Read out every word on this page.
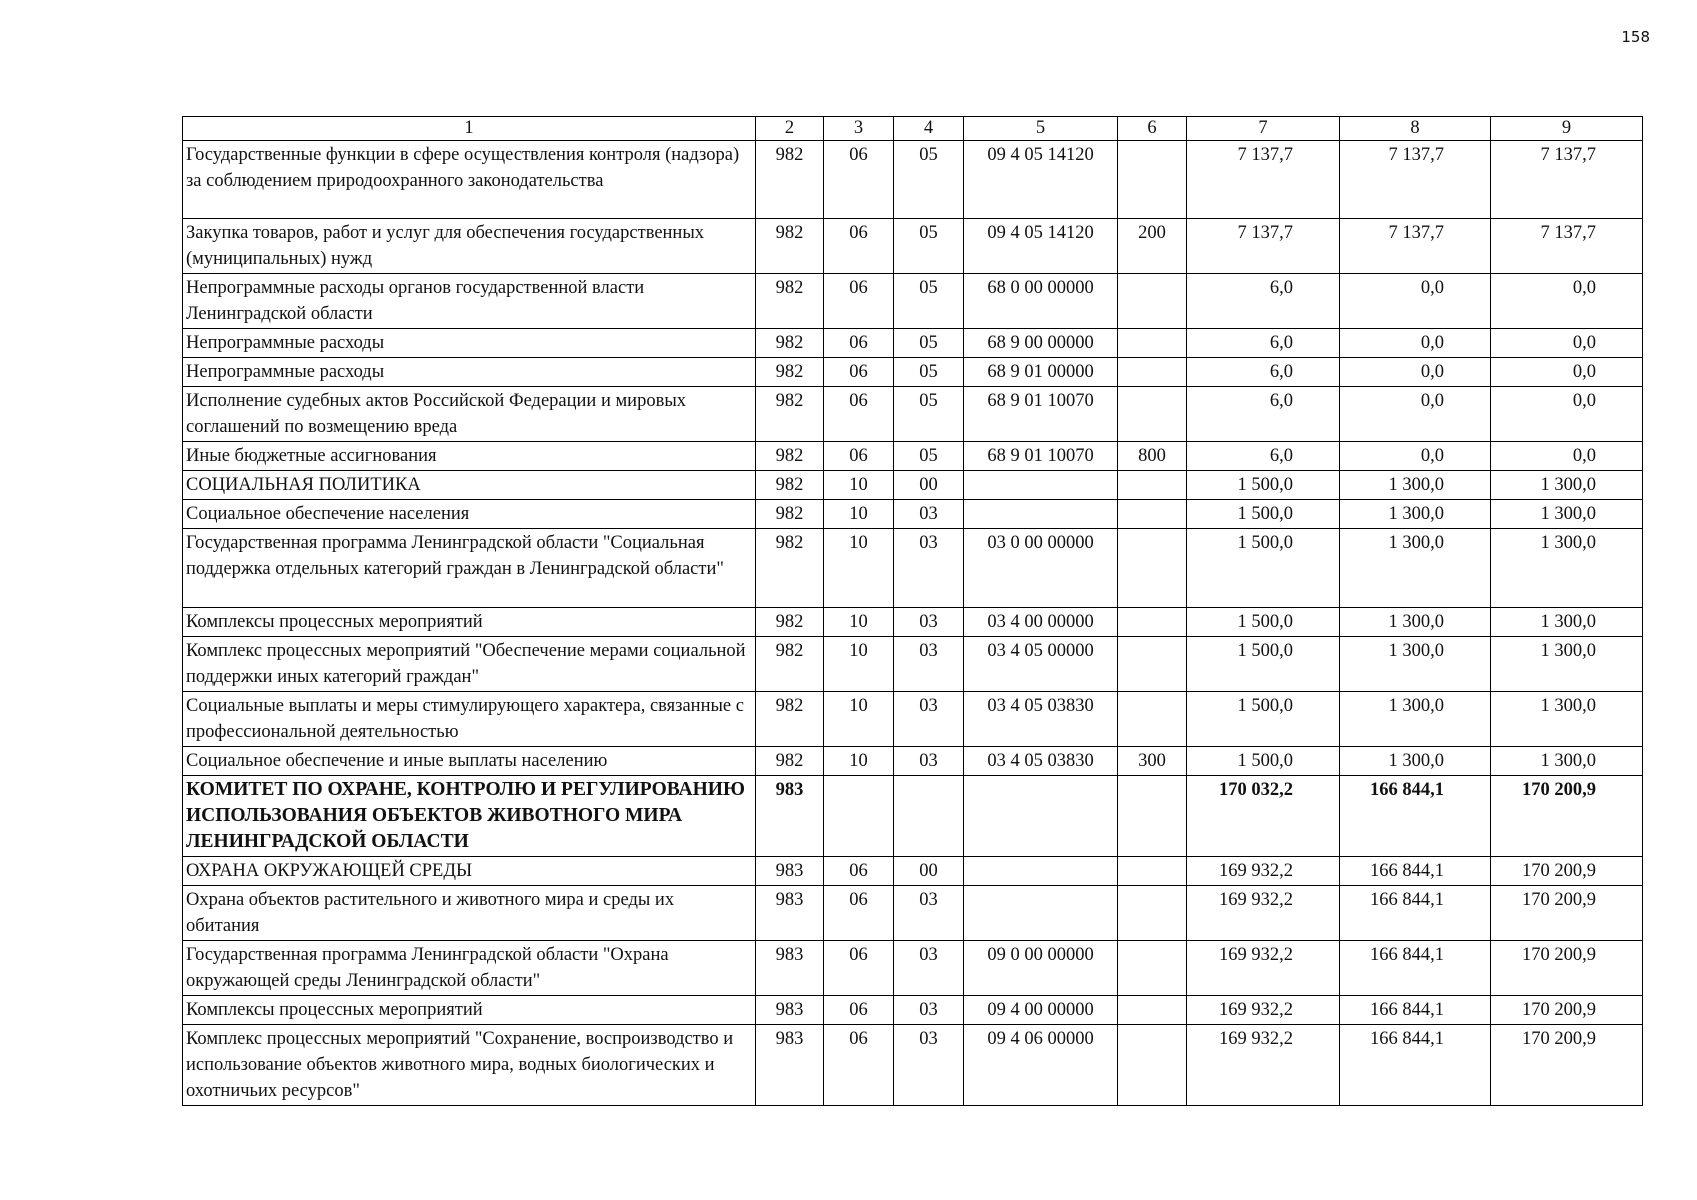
158
1	2	3	4	5	6	7	8	9
Государственные функции в сфере осуществления контроля (надзора) за соблюдением природоохранного законодательства	982	06	05	09 4 05 14120		7 137,7	7 137,7	7 137,7
Закупка товаров, работ и услуг для обеспечения государственных (муниципальных) нужд	982	06	05	09 4 05 14120	200	7 137,7	7 137,7	7 137,7
Непрограммные расходы органов государственной власти Ленинградской области	982	06	05	68 0 00 00000		6,0	0,0	0,0
Непрограммные расходы	982	06	05	68 9 00 00000		6,0	0,0	0,0
Непрограммные расходы	982	06	05	68 9 01 00000		6,0	0,0	0,0
Исполнение судебных актов Российской Федерации и мировых соглашений по возмещению вреда	982	06	05	68 9 01 10070		6,0	0,0	0,0
Иные бюджетные ассигнования	982	06	05	68 9 01 10070	800	6,0	0,0	0,0
СОЦИАЛЬНАЯ ПОЛИТИКА	982	10	00			1 500,0	1 300,0	1 300,0
Социальное обеспечение населения	982	10	03			1 500,0	1 300,0	1 300,0
Государственная программа Ленинградской области "Социальная поддержка отдельных категорий граждан в Ленинградской области"	982	10	03	03 0 00 00000		1 500,0	1 300,0	1 300,0
Комплексы процессных мероприятий	982	10	03	03 4 00 00000		1 500,0	1 300,0	1 300,0
Комплекс процессных мероприятий "Обеспечение мерами социальной поддержки иных категорий граждан"	982	10	03	03 4 05 00000		1 500,0	1 300,0	1 300,0
Социальные выплаты и меры стимулирующего характера, связанные с профессиональной деятельностью	982	10	03	03 4 05 03830		1 500,0	1 300,0	1 300,0
Социальное обеспечение и иные выплаты населению	982	10	03	03 4 05 03830	300	1 500,0	1 300,0	1 300,0
КОМИТЕТ ПО ОХРАНЕ, КОНТРОЛЮ И РЕГУЛИРОВАНИЮ ИСПОЛЬЗОВАНИЯ ОБЪЕКТОВ ЖИВОТНОГО МИРА ЛЕНИНГРАДСКОЙ ОБЛАСТИ	983					170 032,2	166 844,1	170 200,9
ОХРАНА ОКРУЖАЮЩЕЙ СРЕДЫ	983	06	00			169 932,2	166 844,1	170 200,9
Охрана объектов растительного и животного мира и среды их обитания	983	06	03			169 932,2	166 844,1	170 200,9
Государственная программа Ленинградской области "Охрана окружающей среды Ленинградской области"	983	06	03	09 0 00 00000		169 932,2	166 844,1	170 200,9
Комплексы процессных мероприятий	983	06	03	09 4 00 00000		169 932,2	166 844,1	170 200,9
Комплекс процессных мероприятий "Сохранение, воспроизводство и использование объектов животного мира, водных биологических и охотничьих ресурсов"	983	06	03	09 4 06 00000		169 932,2	166 844,1	170 200,9
